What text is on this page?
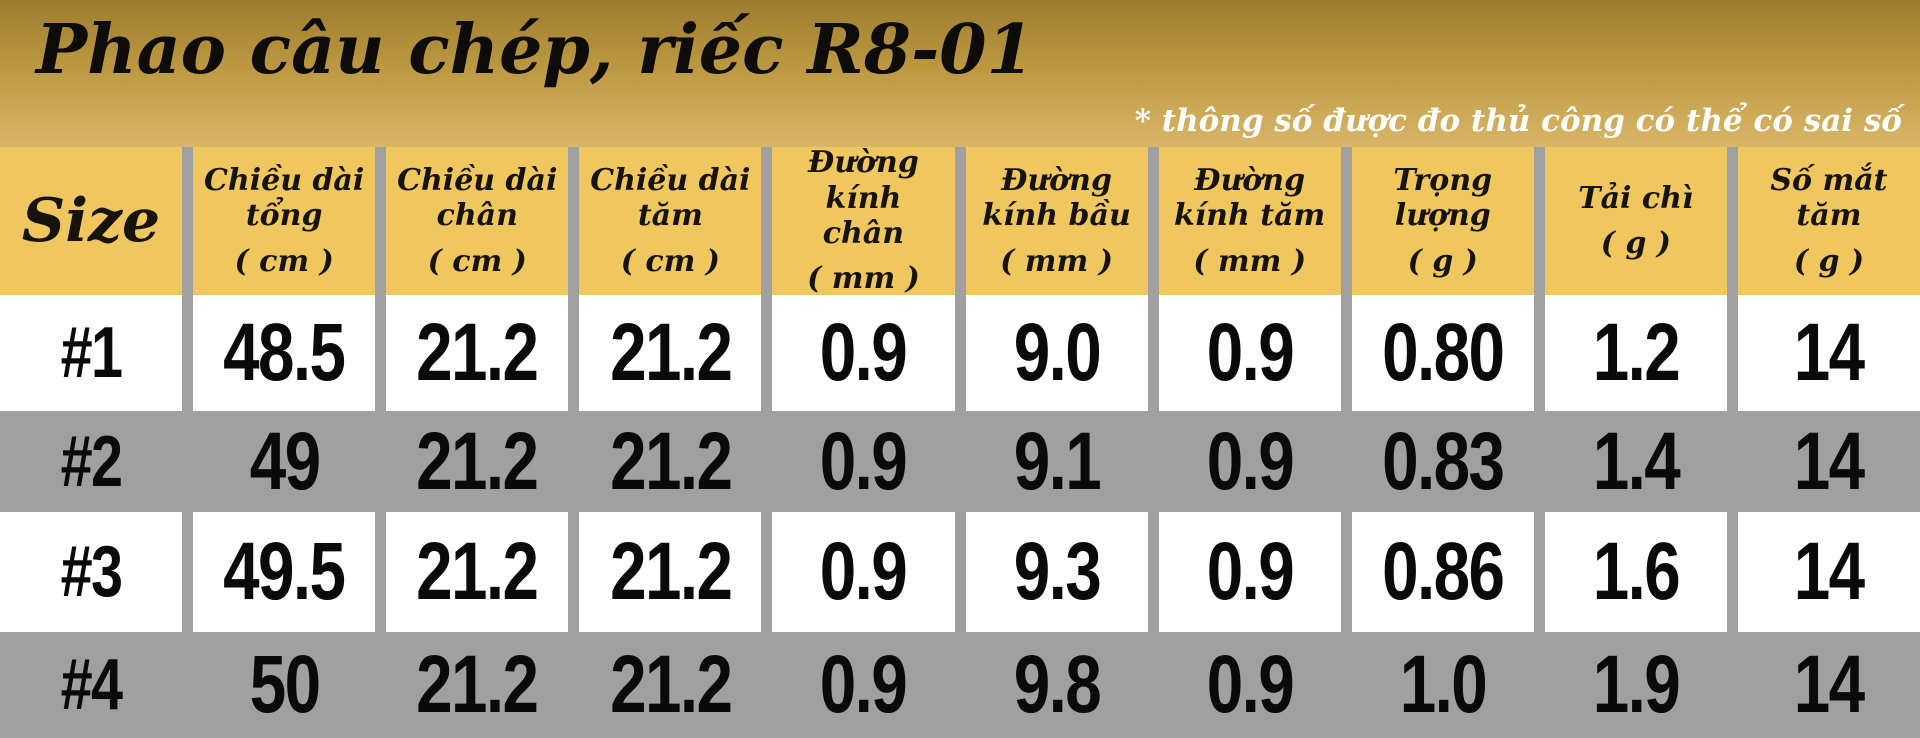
Phao câu chép, riếc R8-01
* thông số được đo thủ công có thể có sai số
Size
Chiều dài tổng
( cm )
Chiều dài chân
( cm )
Chiều dài tăm
( cm )
Đường kính chân
( mm )
Đường kính bầu
( mm )
Đường kính tăm
( mm )
Trọng lượng
( g )
Tải chì
( g )
Số mắt tăm
( g )
#1 48.5 21.2 21.2 0.9 9.0 0.9 0.80 1.2 14
#2 49 21.2 21.2 0.9 9.1 0.9 0.83 1.4 14
#3 49.5 21.2 21.2 0.9 9.3 0.9 0.86 1.6 14
#4 50 21.2 21.2 0.9 9.8 0.9 1.0 1.9 14
